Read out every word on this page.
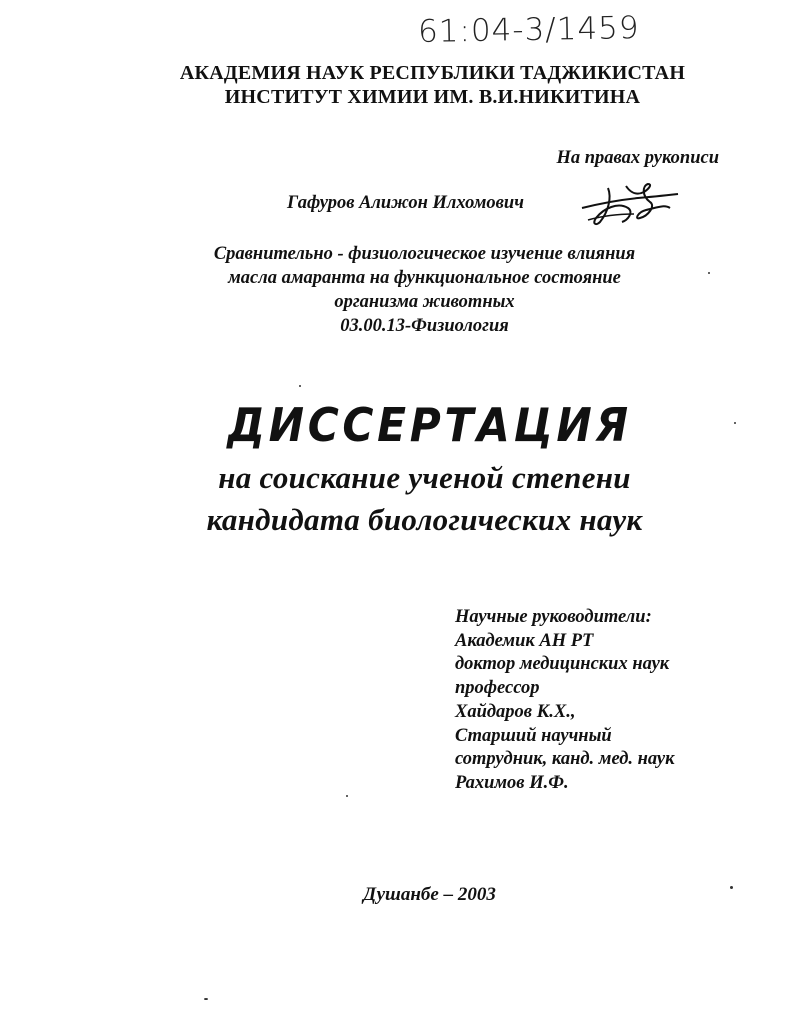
61:04-3/1459
АКАДЕМИЯ НАУК РЕСПУБЛИКИ ТАДЖИКИСТАН
ИНСТИТУТ ХИМИИ ИМ. В.И.НИКИТИНА
На правах рукописи
Гафуров Алижон Илхомович
Сравнительно - физиологическое изучение влияния
масла амаранта на функциональное состояние
организма животных
03.00.13-Физиология
ДИССЕРТАЦИЯ
на соискание ученой степени
кандидата биологических наук
Научные руководители:
Академик АН РТ
доктор медицинских наук
профессор
Хайдаров К.Х.,
Старший научный
сотрудник, канд. мед. наук
Рахимов И.Ф.
Душанбе – 2003
